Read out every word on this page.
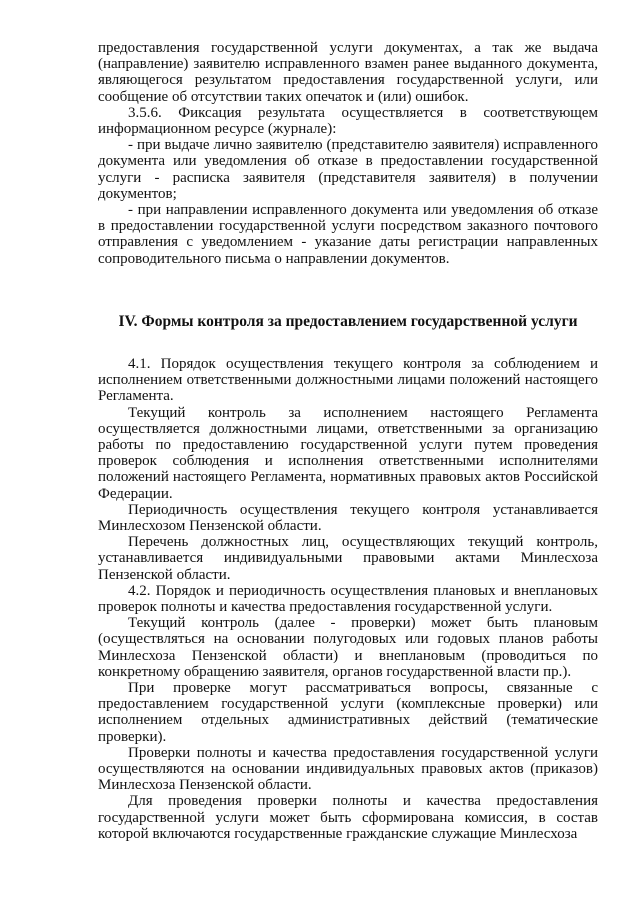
предоставления государственной услуги документах, а так же выдача (направление) заявителю исправленного взамен ранее выданного документа, являющегося результатом предоставления государственной услуги, или сообщение об отсутствии таких опечаток и (или) ошибок.

3.5.6. Фиксация результата осуществляется в соответствующем информационном ресурсе (журнале):

- при выдаче лично заявителю (представителю заявителя) исправленного документа или уведомления об отказе в предоставлении государственной услуги - расписка заявителя (представителя заявителя) в получении документов;

- при направлении исправленного документа или уведомления об отказе в предоставлении государственной услуги посредством заказного почтового отправления с уведомлением - указание даты регистрации направленных сопроводительного письма о направлении документов.

IV. Формы контроля за предоставлением государственной услуги

4.1. Порядок осуществления текущего контроля за соблюдением и исполнением ответственными должностными лицами положений настоящего Регламента.

Текущий контроль за исполнением настоящего Регламента осуществляется должностными лицами, ответственными за организацию работы по предоставлению государственной услуги путем проведения проверок соблюдения и исполнения ответственными исполнителями положений настоящего Регламента, нормативных правовых актов Российской Федерации.

Периодичность осуществления текущего контроля устанавливается Минлесхозом Пензенской области.

Перечень должностных лиц, осуществляющих текущий контроль, устанавливается индивидуальными правовыми актами Минлесхоза Пензенской области.

4.2. Порядок и периодичность осуществления плановых и внеплановых проверок полноты и качества предоставления государственной услуги.

Текущий контроль (далее - проверки) может быть плановым (осуществляться на основании полугодовых или годовых планов работы Минлесхоза Пензенской области) и внеплановым (проводиться по конкретному обращению заявителя, органов государственной власти пр.).

При проверке могут рассматриваться вопросы, связанные с предоставлением государственной услуги (комплексные проверки) или исполнением отдельных административных действий (тематические проверки).

Проверки полноты и качества предоставления государственной услуги осуществляются на основании индивидуальных правовых актов (приказов) Минлесхоза Пензенской области.

Для проведения проверки полноты и качества предоставления государственной услуги может быть сформирована комиссия, в состав которой включаются государственные гражданские служащие Минлесхоза
